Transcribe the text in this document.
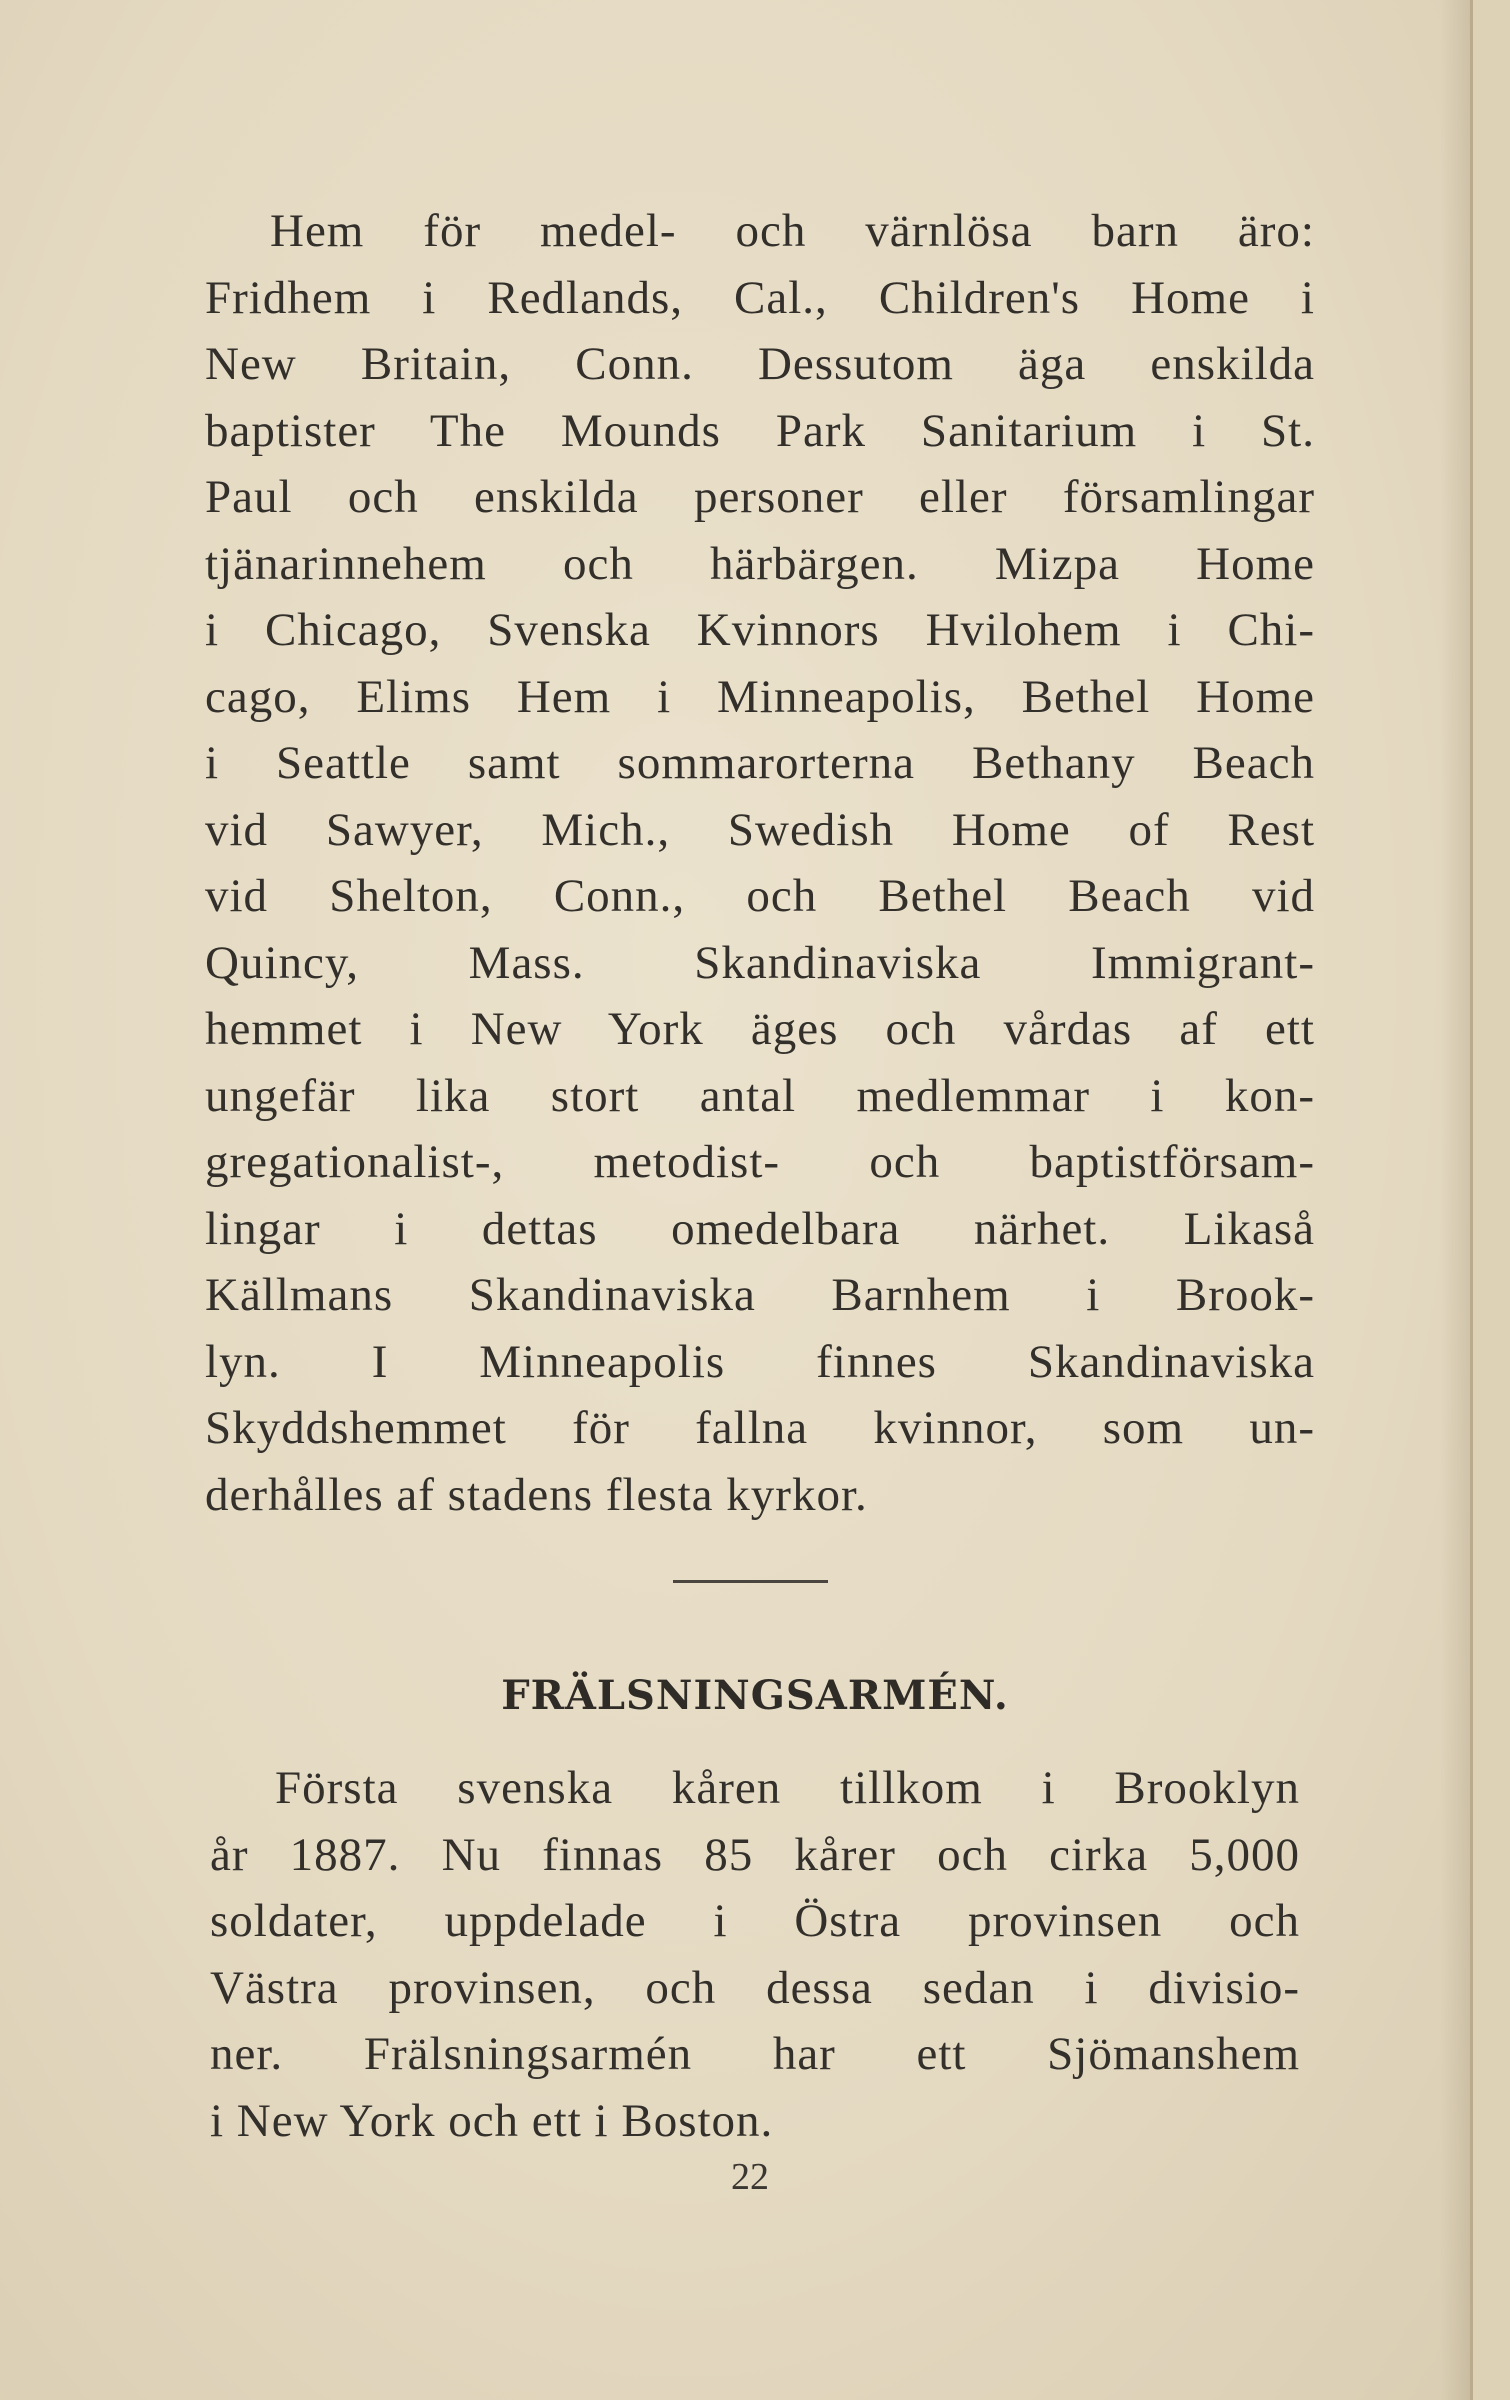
Hem för medel- och värnlösa barn äro:
Fridhem i Redlands, Cal., Children's Home i
New Britain, Conn. Dessutom äga enskilda
baptister The Mounds Park Sanitarium i St.
Paul och enskilda personer eller församlingar
tjänarinnehem och härbärgen. Mizpa Home
i Chicago, Svenska Kvinnors Hvilohem i Chi-
cago, Elims Hem i Minneapolis, Bethel Home
i Seattle samt sommarorterna Bethany Beach
vid Sawyer, Mich., Swedish Home of Rest
vid Shelton, Conn., och Bethel Beach vid
Quincy, Mass. Skandinaviska Immigrant-
hemmet i New York äges och vårdas af ett
ungefär lika stort antal medlemmar i kon-
gregationalist-, metodist- och baptistförsam-
lingar i dettas omedelbara närhet. Likaså
Källmans Skandinaviska Barnhem i Brook-
lyn. I Minneapolis finnes Skandinaviska
Skyddshemmet för fallna kvinnor, som un-
derhålles af stadens flesta kyrkor.
FRÄLSNINGSARMÉN.
Första svenska kåren tillkom i Brooklyn
år 1887. Nu finnas 85 kårer och cirka 5,000
soldater, uppdelade i Östra provinsen och
Västra provinsen, och dessa sedan i divisio-
ner. Frälsningsarmén har ett Sjömanshem
i New York och ett i Boston.
22
